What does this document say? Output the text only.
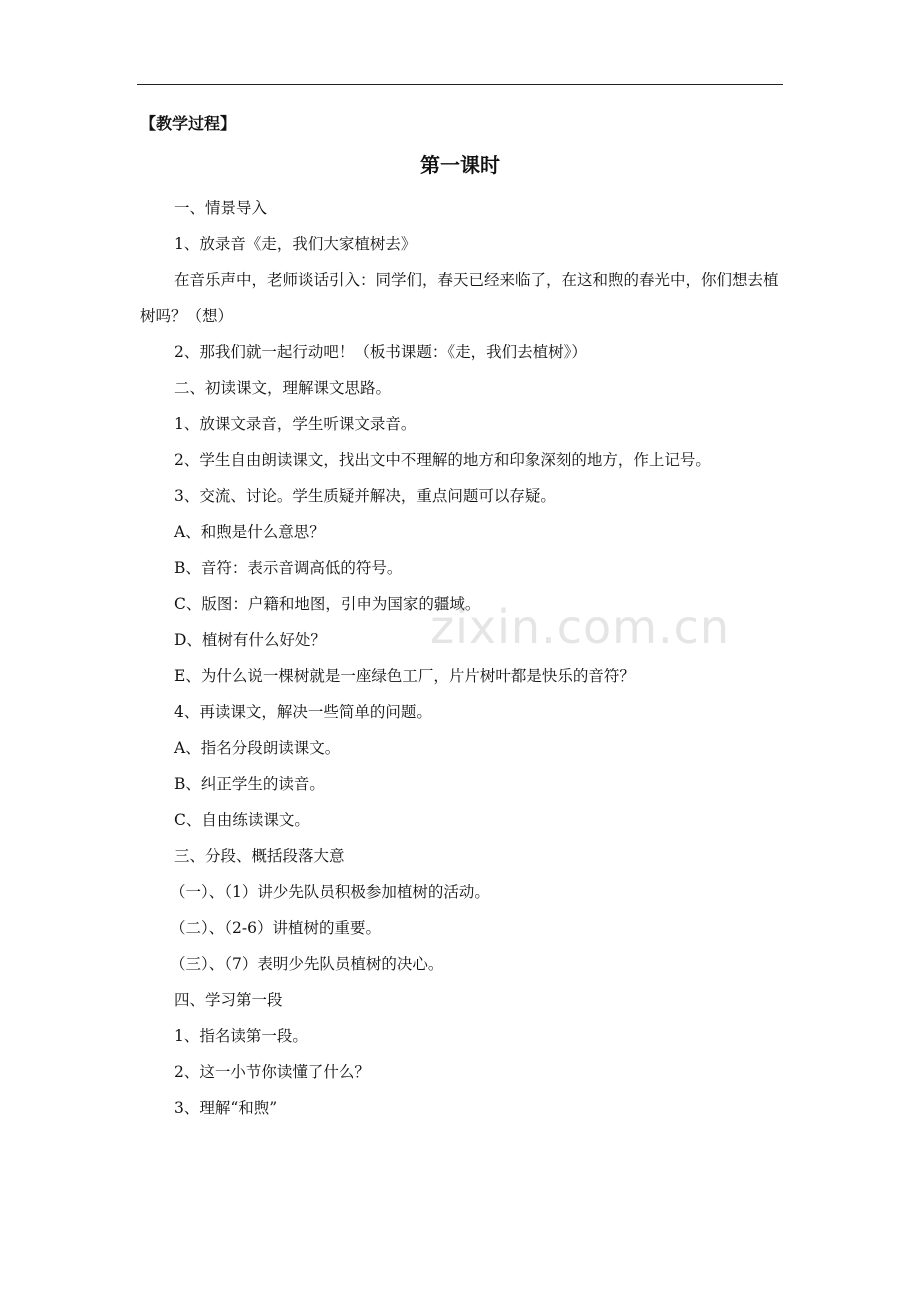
【教学过程】
第一课时

一、情景导入

1、放录音《走，我们大家植树去》

在音乐声中，老师谈话引入：同学们，春天已经来临了，在这和煦的春光中，你们想去植树吗？（想）

2、那我们就一起行动吧！（板书课题：《走，我们去植树》）

二、初读课文，理解课文思路。

1、放课文录音，学生听课文录音。

2、学生自由朗读课文，找出文中不理解的地方和印象深刻的地方，作上记号。

3、交流、讨论。学生质疑并解决，重点问题可以存疑。

A、和煦是什么意思？

B、音符：表示音调高低的符号。

C、版图：户籍和地图，引申为国家的疆域。

D、植树有什么好处？

E、为什么说一棵树就是一座绿色工厂，片片树叶都是快乐的音符？

4、再读课文，解决一些简单的问题。

A、指名分段朗读课文。

B、纠正学生的读音。

C、自由练读课文。

三、分段、概括段落大意

（一）、（1）讲少先队员积极参加植树的活动。

（二）、（2-6）讲植树的重要。

（三）、（7）表明少先队员植树的决心。

四、学习第一段

1、指名读第一段。

2、这一小节你读懂了什么？

3、理解“和煦”

zixin.com.cn
